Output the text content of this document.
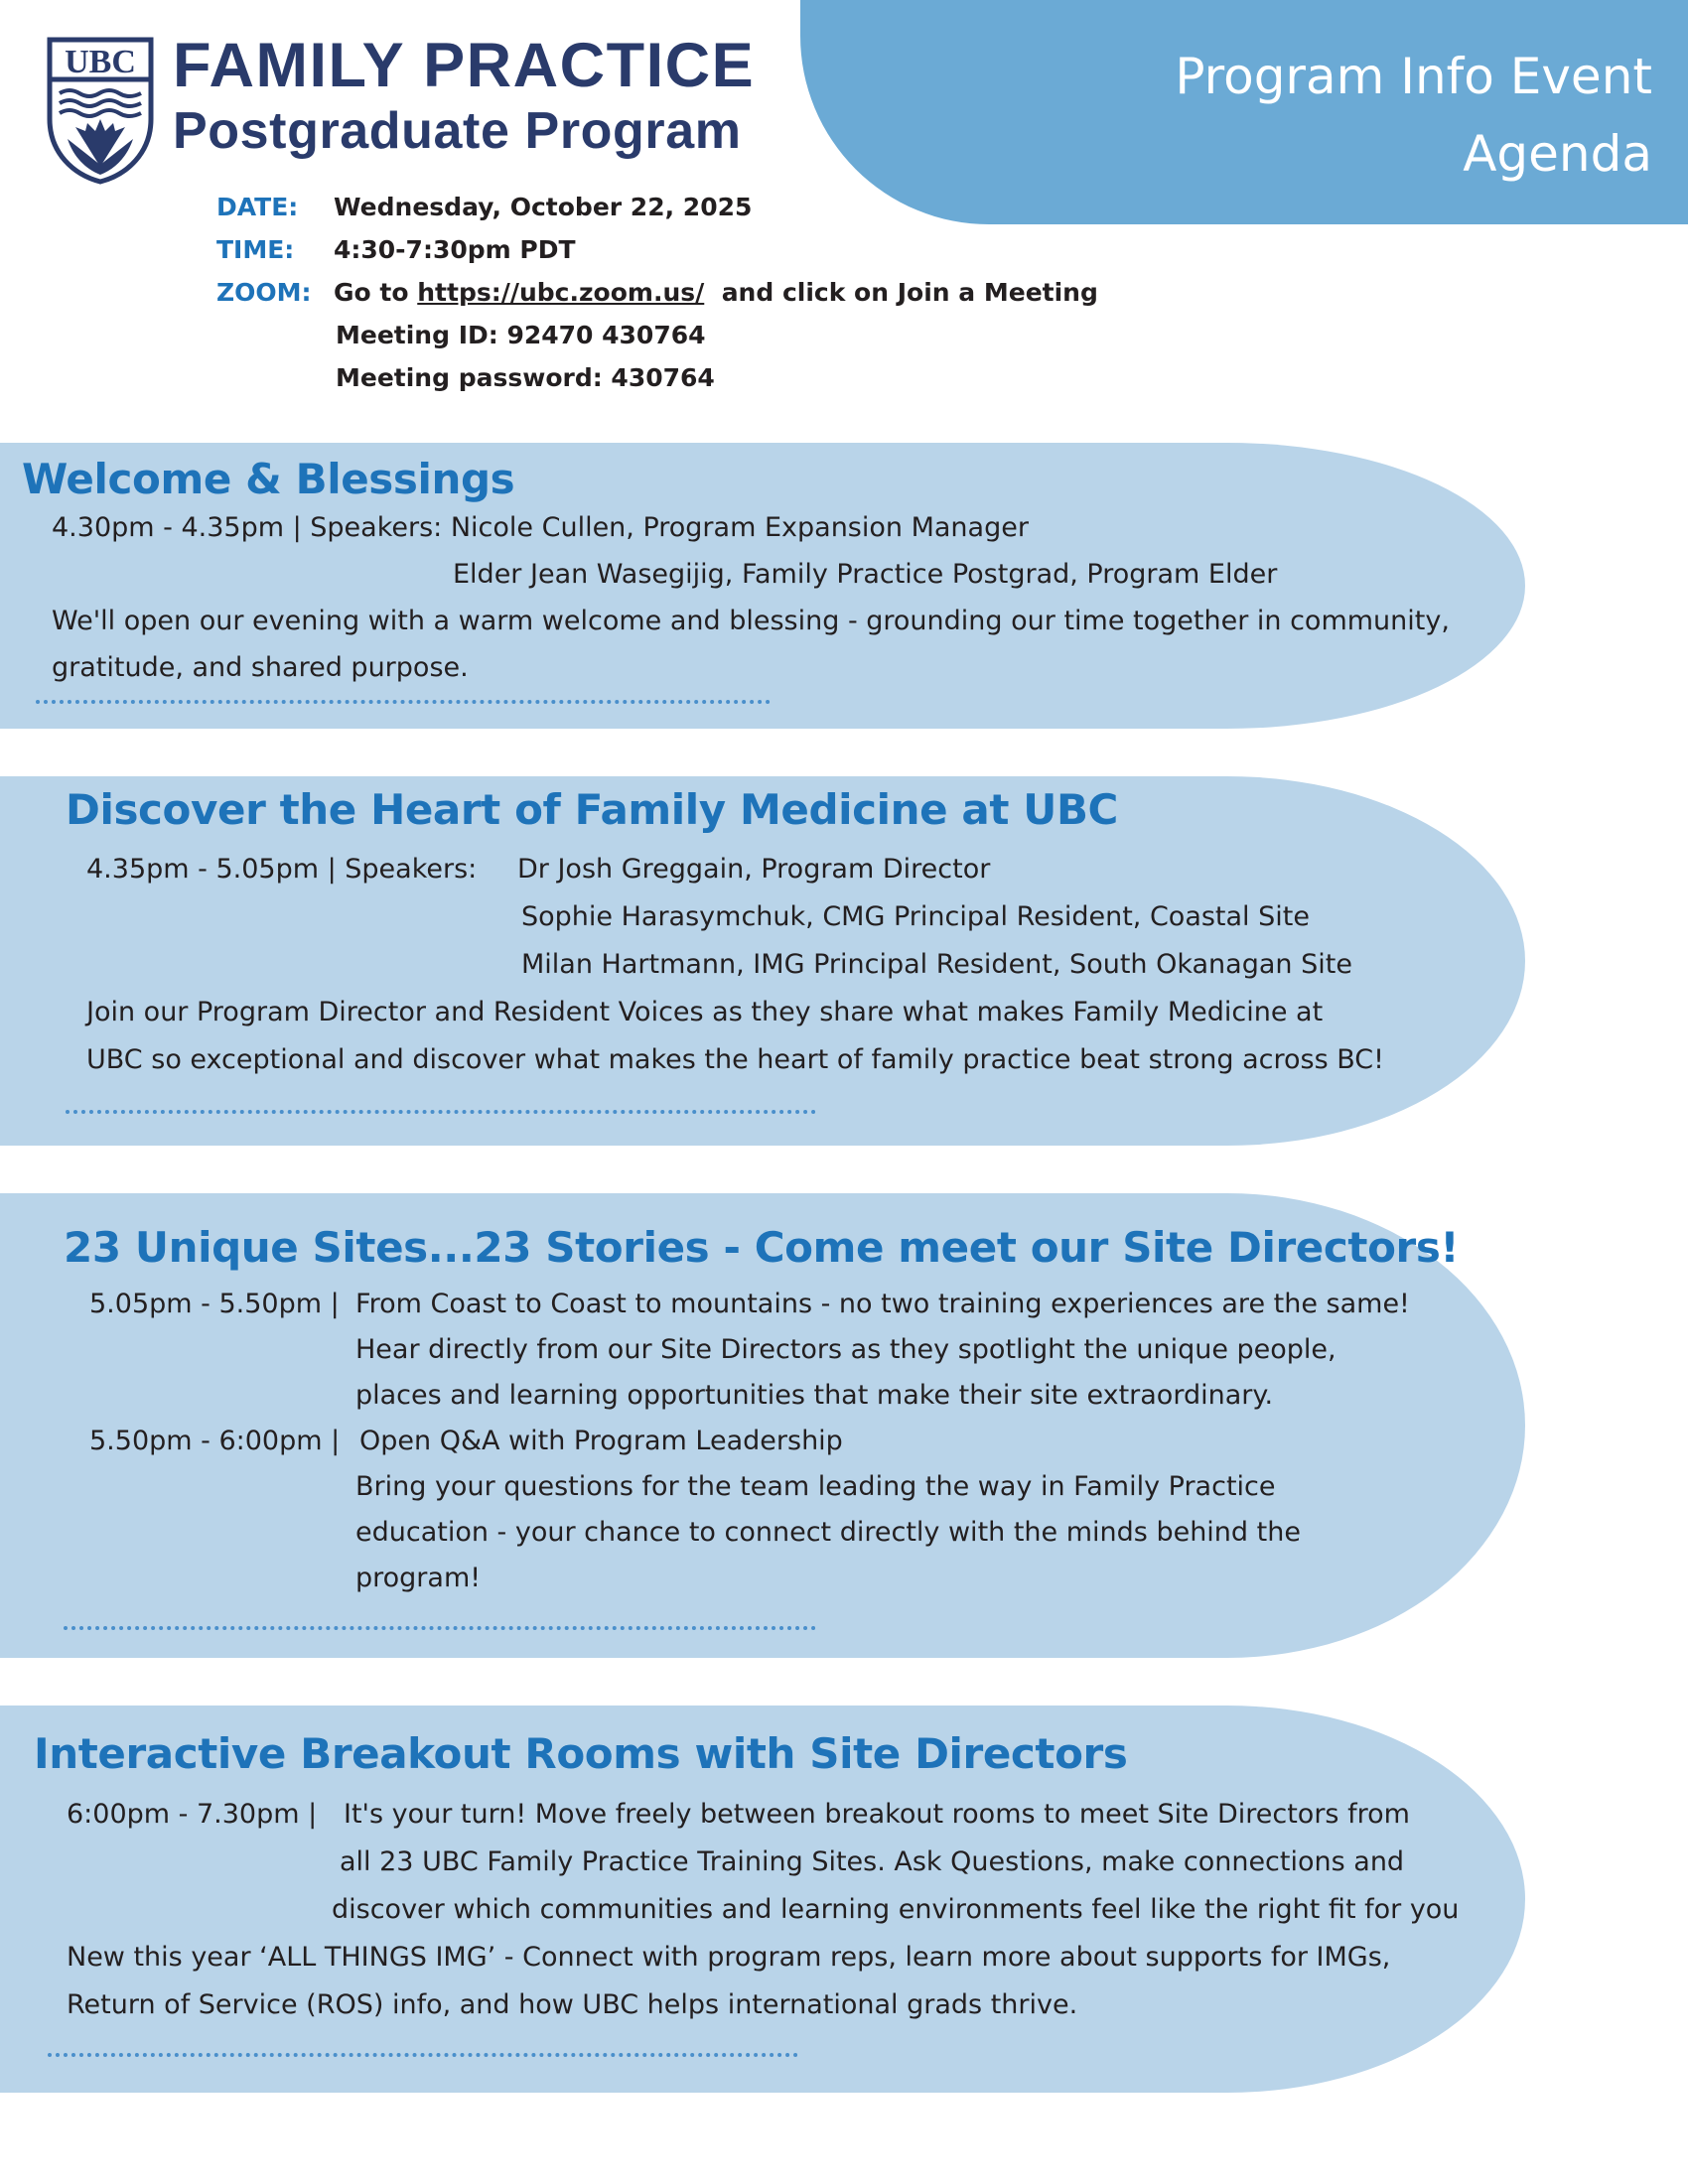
Program Info Event
Agenda
UBC FAMILY PRACTICE
Postgraduate Program
DATE: Wednesday, October 22, 2025
TIME: 4:30-7:30pm PDT
ZOOM: Go to https://ubc.zoom.us/ and click on Join a Meeting
Meeting ID: 92470 430764
Meeting password: 430764
Welcome & Blessings
4.30pm - 4.35pm | Speakers: Nicole Cullen, Program Expansion Manager
Elder Jean Wasegijig, Family Practice Postgrad, Program Elder
We'll open our evening with a warm welcome and blessing - grounding our time together in community,
gratitude, and shared purpose.
Discover the Heart of Family Medicine at UBC
4.35pm - 5.05pm | Speakers: Dr Josh Greggain, Program Director
Sophie Harasymchuk, CMG Principal Resident, Coastal Site
Milan Hartmann, IMG Principal Resident, South Okanagan Site
Join our Program Director and Resident Voices as they share what makes Family Medicine at
UBC so exceptional and discover what makes the heart of family practice beat strong across BC!
23 Unique Sites...23 Stories - Come meet our Site Directors!
5.05pm - 5.50pm | From Coast to Coast to mountains - no two training experiences are the same!
Hear directly from our Site Directors as they spotlight the unique people,
places and learning opportunities that make their site extraordinary.
5.50pm - 6:00pm | Open Q&A with Program Leadership
Bring your questions for the team leading the way in Family Practice
education - your chance to connect directly with the minds behind the
program!
Interactive Breakout Rooms with Site Directors
6:00pm - 7.30pm | It's your turn! Move freely between breakout rooms to meet Site Directors from
all 23 UBC Family Practice Training Sites. Ask Questions, make connections and
discover which communities and learning environments feel like the right fit for you
New this year ‘ALL THINGS IMG’ - Connect with program reps, learn more about supports for IMGs,
Return of Service (ROS) info, and how UBC helps international grads thrive.
